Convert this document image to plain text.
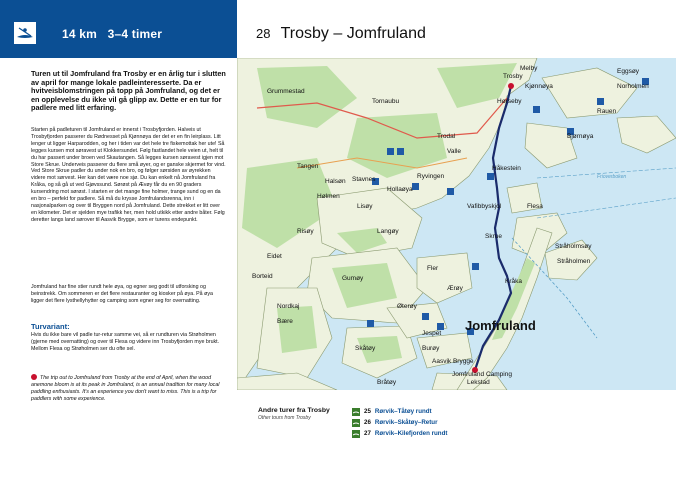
14 km 3–4 timer	28 Trosby – Jomfruland
Turen ut til Jomfruland fra Trosby er en årlig tur i slutten av april for mange lokale padleinteresserte. Da er hvitveisblomstringen på topp på Jomfruland, og det er en opplevelse du ikke vil gå glipp av. Dette er en tur for padlere med litt erfaring.
Starten på padleturen til Jomfruland er innerst i Trosbyfjorden. Halveis ut Trosbyfjorden passerer du Rødnesset på Kjønnøya der det er en fin leirplass. Litt lenger ut ligger Harparodden, og her i tiden var det hele tre fiskemottak her ute! Så legges kursen mot søravest ut Klokkersundet. Følg fastlandet hele veien ut, helt til du har passert under broen ved Skautangen. Så legges kursen søravest igjen mot Store Skrue. Underveis passerer du flere små øyer, og er ganske skjermet for vind. Ved Store Skrue padler du under nok en bro, og følger sørsiden av øyrekken videre mot sørvest. Her kan det være noe sjø. Du kan enkelt nå Jomfruland fra Kråka, og så gå ut ved Gjøvssund. Sørøst på Ævøy får du en 90 graders kursendring mot sørøst. I starten er det mange fine holmer, trange sund og en da en bro – perfekt for padlere. Så må du krysse Jomfrulandsrenna, inn i nasjonalparken og over til Bryggen nord på Jomfruland. Dette strekket er litt over en kilometer. Det er sjelden mye trafikk her, men hold utkikk etter andre båter. Følg deretter langs land sørover til Aasvik Brygge, som er turens endepunkt.
Jomfruland har fine stier rundt hele øya, og egner seg godt til utforsking og beinstrekk. Om sommeren er det flere restauranter og kiosker på øya. På øya ligger det flere lysthellyhytter og camping som egner seg for overnatting.
Turvariant:
Hvis du ikke bare vil padle tur-retur samme vei, så er rundturen via Strøholmen (gjerne med overnatting) og over til Flesa og videre inn Trosbyfjorden mye brukt. Mellom Flesa og Strøholmen ser du ofte sel.
The trip out to Jomfruland from Trosby at the end of April, when the wood anemone bloom is at its peak in Jomfruland, is an annual tradition for many local paddling enthusiasts. It's an experience you don't want to miss. This is a trip for paddlers with some experience.
Trosby
Melby
Kjønnøya
Hørseby
Grummestad
Tornaubu
Trodal
Valle
Tangen
Stavnes
Hollaøya
Håkestein
Flesa
Stråholmsøy
Stråholmen
Langøy
Hølmen
Bjørnøya
Rauen
Norholmen
Eggsøy
Halsøn
Lisøy
Gumøy
Øterøy
Fler
Skrue
Ærøy
Kråka
Nordkaj
Bære
Skåtøy	Burøy
Jespet
Aasvik Brygge
Jomfruland Camping
Eidet
Borteid
Lekstad
Bråtøy
Vafibbyskjol
Risøy
Ryvingen
Jomfruland
Frioverboken
Andre turer fra Trosby
Other tours from Trosby
25 Rørvik–Tåtøy rundt
26 Rørvik–Skåtøy–Retur
27 Rørvik–Kilefjorden rundt
